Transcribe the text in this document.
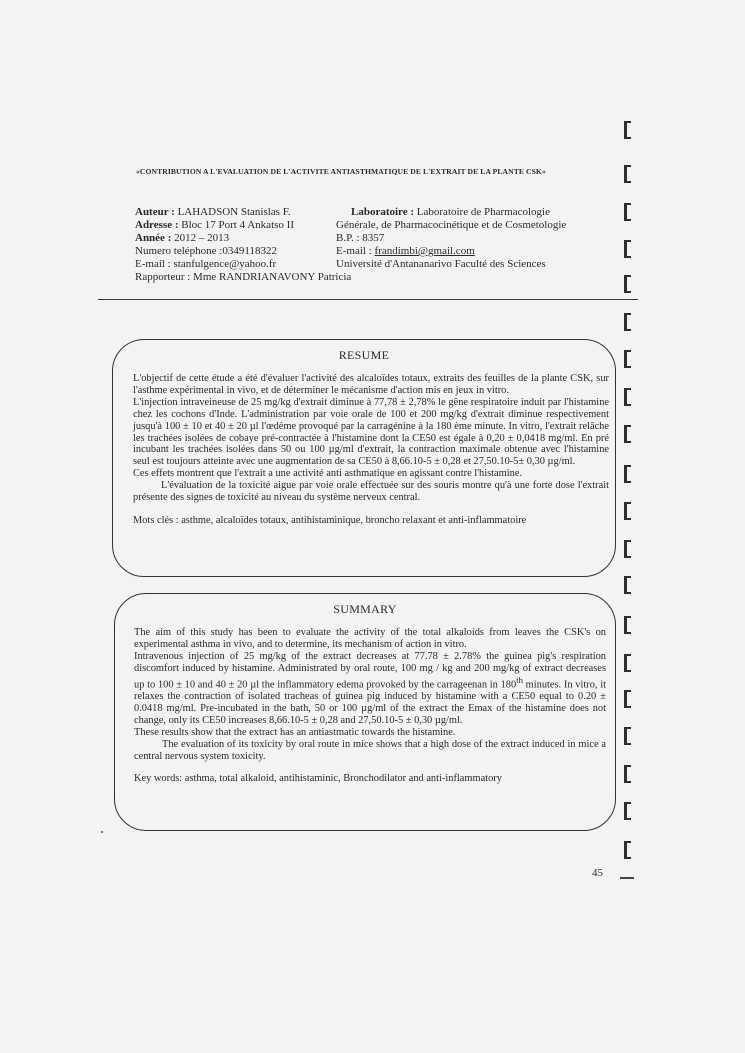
«CONTRIBUTION A L'EVALUATION DE L'ACTIVITE ANTIASTHMATIQUE DE L'EXTRAIT DE LA PLANTE CSK»
Auteur : LAHADSON Stanislas F.
Adresse : Bloc 17 Port 4 Ankatso II
Année : 2012 – 2013
Numero teléphone :0349118322
E-mail : stanfulgence@yahoo.fr
Rapporteur : Mme RANDRIANAVONY Patricia
Laboratoire : Laboratoire de Pharmacologie
Générale, de Pharmacocinétique et de Cosmetologie
B.P. : 8357
E-mail : frandimbi@gmail.com
Université d'Antananarivo Faculté des Sciences
RESUME

L'objectif de cette étude a été d'évaluer l'activité des alcaloïdes totaux, extraits des feuilles de la plante CSK, sur l'asthme expérimental in vivo, et de déterminer le mécanisme d'action mis en jeux in vitro.

L'injection intraveineuse de 25 mg/kg d'extrait diminue à 77,78 ± 2,78% le gêne respiratoire induit par l'histamine chez les cochons d'Inde. L'administration par voie orale de 100 et 200 mg/kg d'extrait diminue respectivement jusqu'à 100 ± 10 et 40 ± 20 µl l'œdème provoqué par la carragénine à la 180 ème minute. In vitro, l'extrait relâche les trachées isolées de cobaye pré-contractée à l'histamine dont la CE50 est égale à 0,20 ± 0,0418 mg/ml. En pré incubant les trachées isolées dans 50 ou 100 µg/ml d'extrait, la contraction maximale obtenue avec l'histamine seul est toujours atteinte avec une augmentation de sa CE50 à 8,66.10-5 ± 0,28 et 27,50.10-5± 0,30 µg/ml.

Ces effets montrent que l'extrait a une activité anti asthmatique en agissant contre l'histamine.

L'évaluation de la toxicité aigue par voie orale effectuée sur des souris montre qu'à une forte dose l'extrait présente des signes de toxicité au niveau du système nerveux central.

Mots clés : asthme, alcaloïdes totaux, antihistaminique, broncho relaxant et anti-inflammatoire

SUMMARY

The aim of this study has been to evaluate the activity of the total alkaloids from leaves the CSK's on experimental asthma in vivo, and to determine, its mechanism of action in vitro.

Intravenous injection of 25 mg/kg of the extract decreases at 77.78 ± 2.78% the guinea pig's respiration discomfort induced by histamine. Administrated by oral route, 100 mg / kg and 200 mg/kg of extract decreases up to 100 ± 10 and 40 ± 20 µl the inflammatory edema provoked by the carrageenan in 180th minutes. In vitro, it relaxes the contraction of isolated tracheas of guinea pig induced by histamine with a CE50 equal to 0.20 ± 0.0418 mg/ml. Pre-incubated in the bath, 50 or 100 µg/ml of the extract the Emax of the histamine does not change, only its CE50 increases 8,66.10-5 ± 0,28 and 27,50.10-5 ± 0,30 µg/ml.

These results show that the extract has an antiastmatic towards the histamine.

The evaluation of its toxicity by oral route in mice shows that a high dose of the extract induced in mice a central nervous system toxicity.

Key words: asthma, total alkaloid, antihistaminic, Bronchodilator and anti-inflammatory

45
